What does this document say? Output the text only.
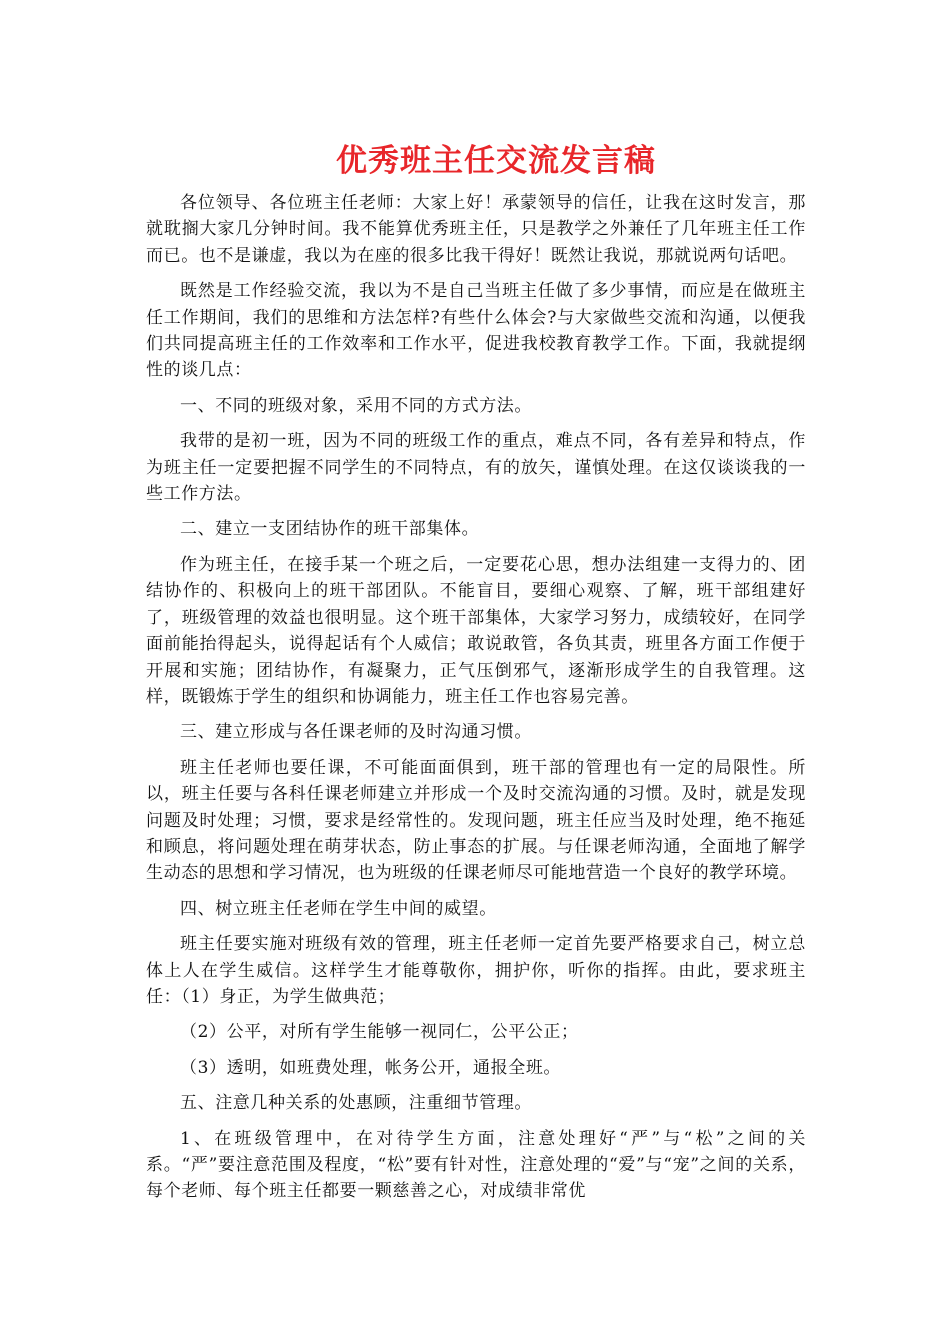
优秀班主任交流发言稿

各位领导、各位班主任老师：大家上好！承蒙领导的信任，让我在这时发言，那就耽搁大家几分钟时间。我不能算优秀班主任，只是教学之外兼任了几年班主任工作而已。也不是谦虚，我以为在座的很多比我干得好！既然让我说，那就说两句话吧。

既然是工作经验交流，我以为不是自己当班主任做了多少事情，而应是在做班主任工作期间，我们的思维和方法怎样?有些什么体会?与大家做些交流和沟通，以便我们共同提高班主任的工作效率和工作水平，促进我校教育教学工作。下面，我就提纲性的谈几点：

一、不同的班级对象，采用不同的方式方法。

我带的是初一班，因为不同的班级工作的重点，难点不同，各有差异和特点，作为班主任一定要把握不同学生的不同特点，有的放矢，谨慎处理。在这仅谈谈我的一些工作方法。

二、建立一支团结协作的班干部集体。

作为班主任，在接手某一个班之后，一定要花心思，想办法组建一支得力的、团结协作的、积极向上的班干部团队。不能盲目，要细心观察、了解，班干部组建好了，班级管理的效益也很明显。这个班干部集体，大家学习努力，成绩较好，在同学面前能抬得起头，说得起话有个人威信；敢说敢管，各负其责，班里各方面工作便于开展和实施；团结协作，有凝聚力，正气压倒邪气，逐渐形成学生的自我管理。这样，既锻炼于学生的组织和协调能力，班主任工作也容易完善。

三、建立形成与各任课老师的及时沟通习惯。

班主任老师也要任课，不可能面面俱到，班干部的管理也有一定的局限性。所以，班主任要与各科任课老师建立并形成一个及时交流沟通的习惯。及时，就是发现问题及时处理；习惯，要求是经常性的。发现问题，班主任应当及时处理，绝不拖延和顾息，将问题处理在萌芽状态，防止事态的扩展。与任课老师沟通，全面地了解学生动态的思想和学习情况，也为班级的任课老师尽可能地营造一个良好的教学环境。

四、树立班主任老师在学生中间的威望。

班主任要实施对班级有效的管理，班主任老师一定首先要严格要求自己，树立总体上人在学生威信。这样学生才能尊敬你，拥护你，听你的指挥。由此，要求班主任：（1）身正，为学生做典范；

（2）公平，对所有学生能够一视同仁，公平公正；

（3）透明，如班费处理，帐务公开，通报全班。

五、注意几种关系的处惠顾，注重细节管理。

1、在班级管理中，在对待学生方面，注意处理好“严”与“松”之间的关系。“严”要注意范围及程度，“松”要有针对性，注意处理的“爱”与“宠”之间的关系，每个老师、每个班主任都要一颗慈善之心，对成绩非常优
